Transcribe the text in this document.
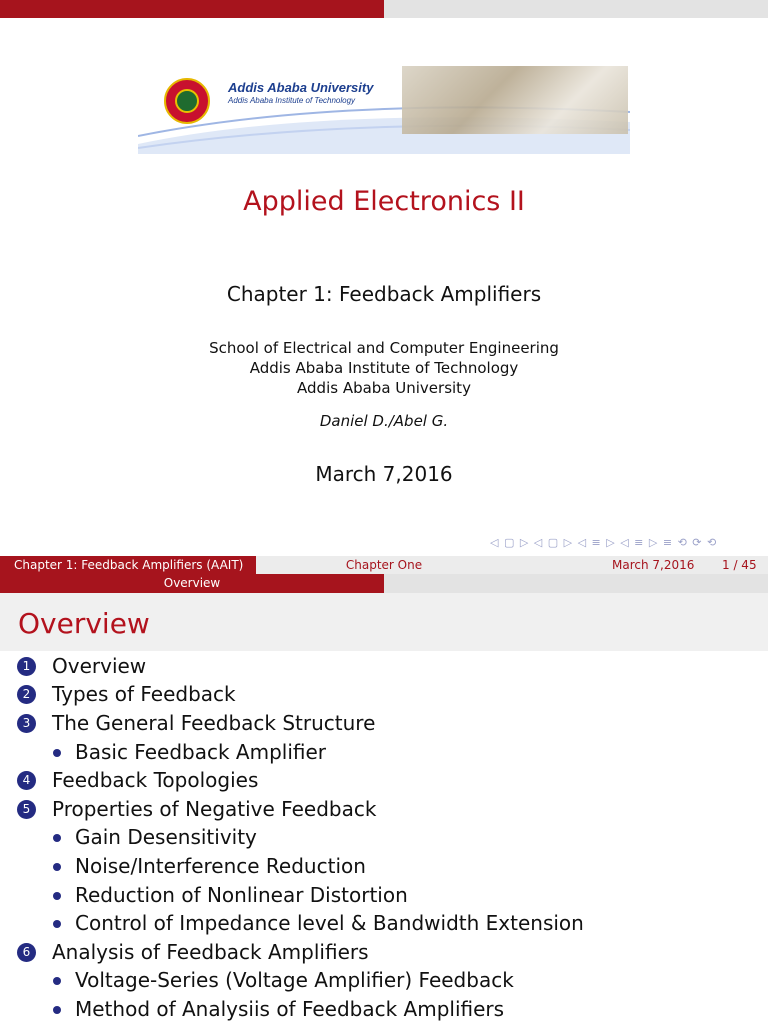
Addis Ababa University
Addis Ababa Institute of Technology
Applied Electronics II
Chapter 1: Feedback Amplifiers
School of Electrical and Computer Engineering
Addis Ababa Institute of Technology
Addis Ababa University
Daniel D./Abel G.
March 7,2016
◁ ▢ ▷ ◁ ▢ ▷ ◁ ≡ ▷ ◁ ≡ ▷ ≡ ⟲ ⟳ ⟲
Chapter 1: Feedback Amplifiers (AAIT)	Chapter One	March 7,2016 1 / 45
Overview
Overview
1 Overview
2 Types of Feedback
3 The General Feedback Structure
Basic Feedback Amplifier
4 Feedback Topologies
5 Properties of Negative Feedback
Gain Desensitivity
Noise/Interference Reduction
Reduction of Nonlinear Distortion
Control of Impedance level & Bandwidth Extension
6 Analysis of Feedback Amplifiers
Voltage-Series (Voltage Amplifier) Feedback
Method of Analysiis of Feedback Amplifiers
